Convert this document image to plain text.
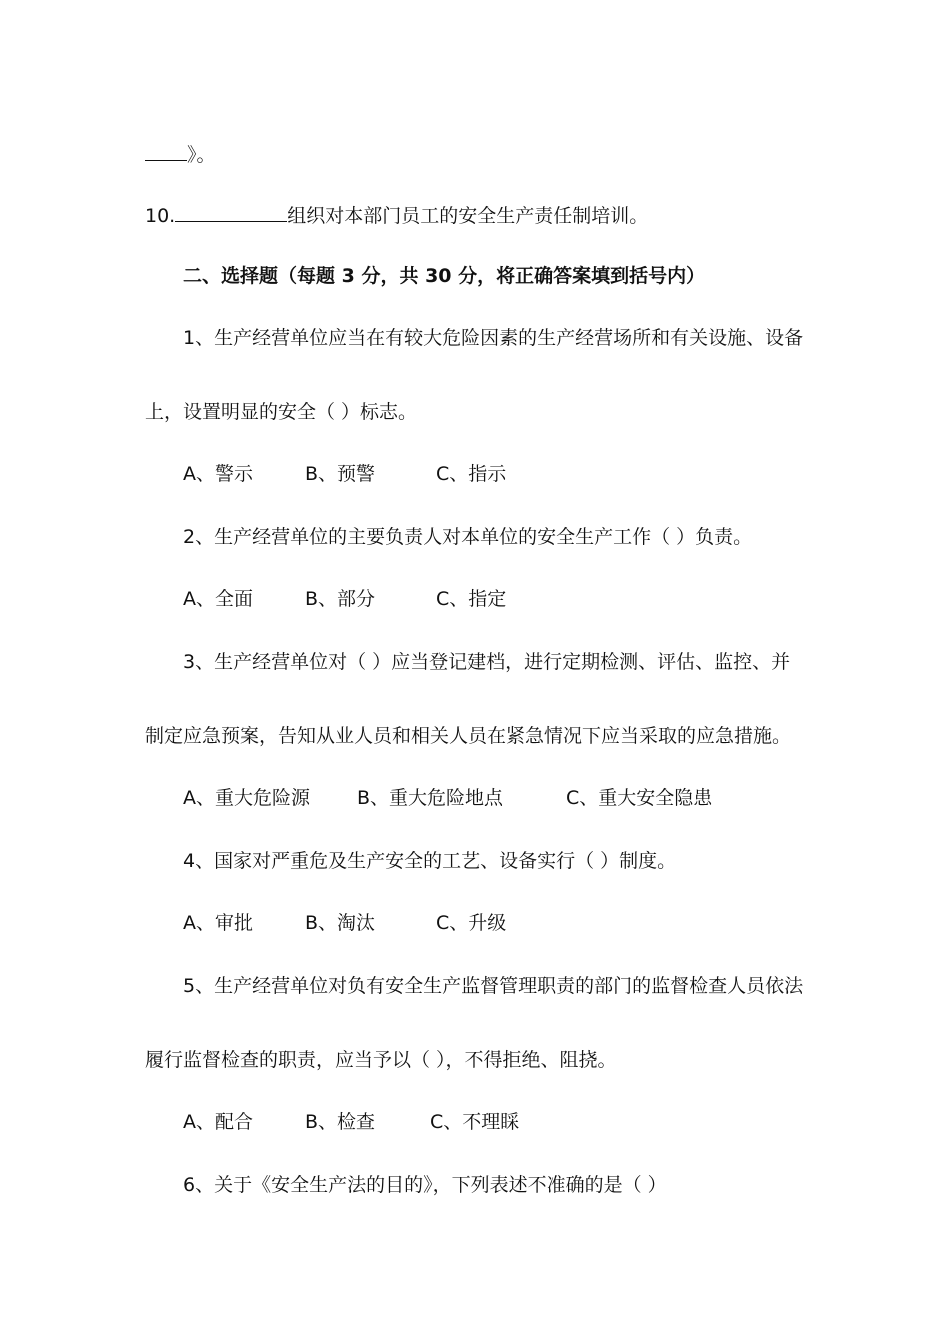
》。
10.	组织对本部门员工的安全生产责任制培训。
二、选择题（每题 3 分，共 30 分，将正确答案填到括号内）
1、生产经营单位应当在有较大危险因素的生产经营场所和有关设施、设备
上，设置明显的安全（ ）标志。
A、警示	B、预警	C、指示
2、生产经营单位的主要负责人对本单位的安全生产工作（ ）负责。
A、全面	B、部分	C、指定
3、生产经营单位对（ ）应当登记建档，进行定期检测、评估、监控、并
制定应急预案，告知从业人员和相关人员在紧急情况下应当采取的应急措施。
A、重大危险源 B、重大危险地点	C、重大安全隐患
4、国家对严重危及生产安全的工艺、设备实行（ ）制度。
A、审批	B、淘汰	C、升级
5、生产经营单位对负有安全生产监督管理职责的部门的监督检查人员依法
履行监督检查的职责，应当予以（ ），不得拒绝、阻挠。
A、配合	B、检查	C、不理睬
6、关于《安全生产法的目的》，下列表述不准确的是（ ）
